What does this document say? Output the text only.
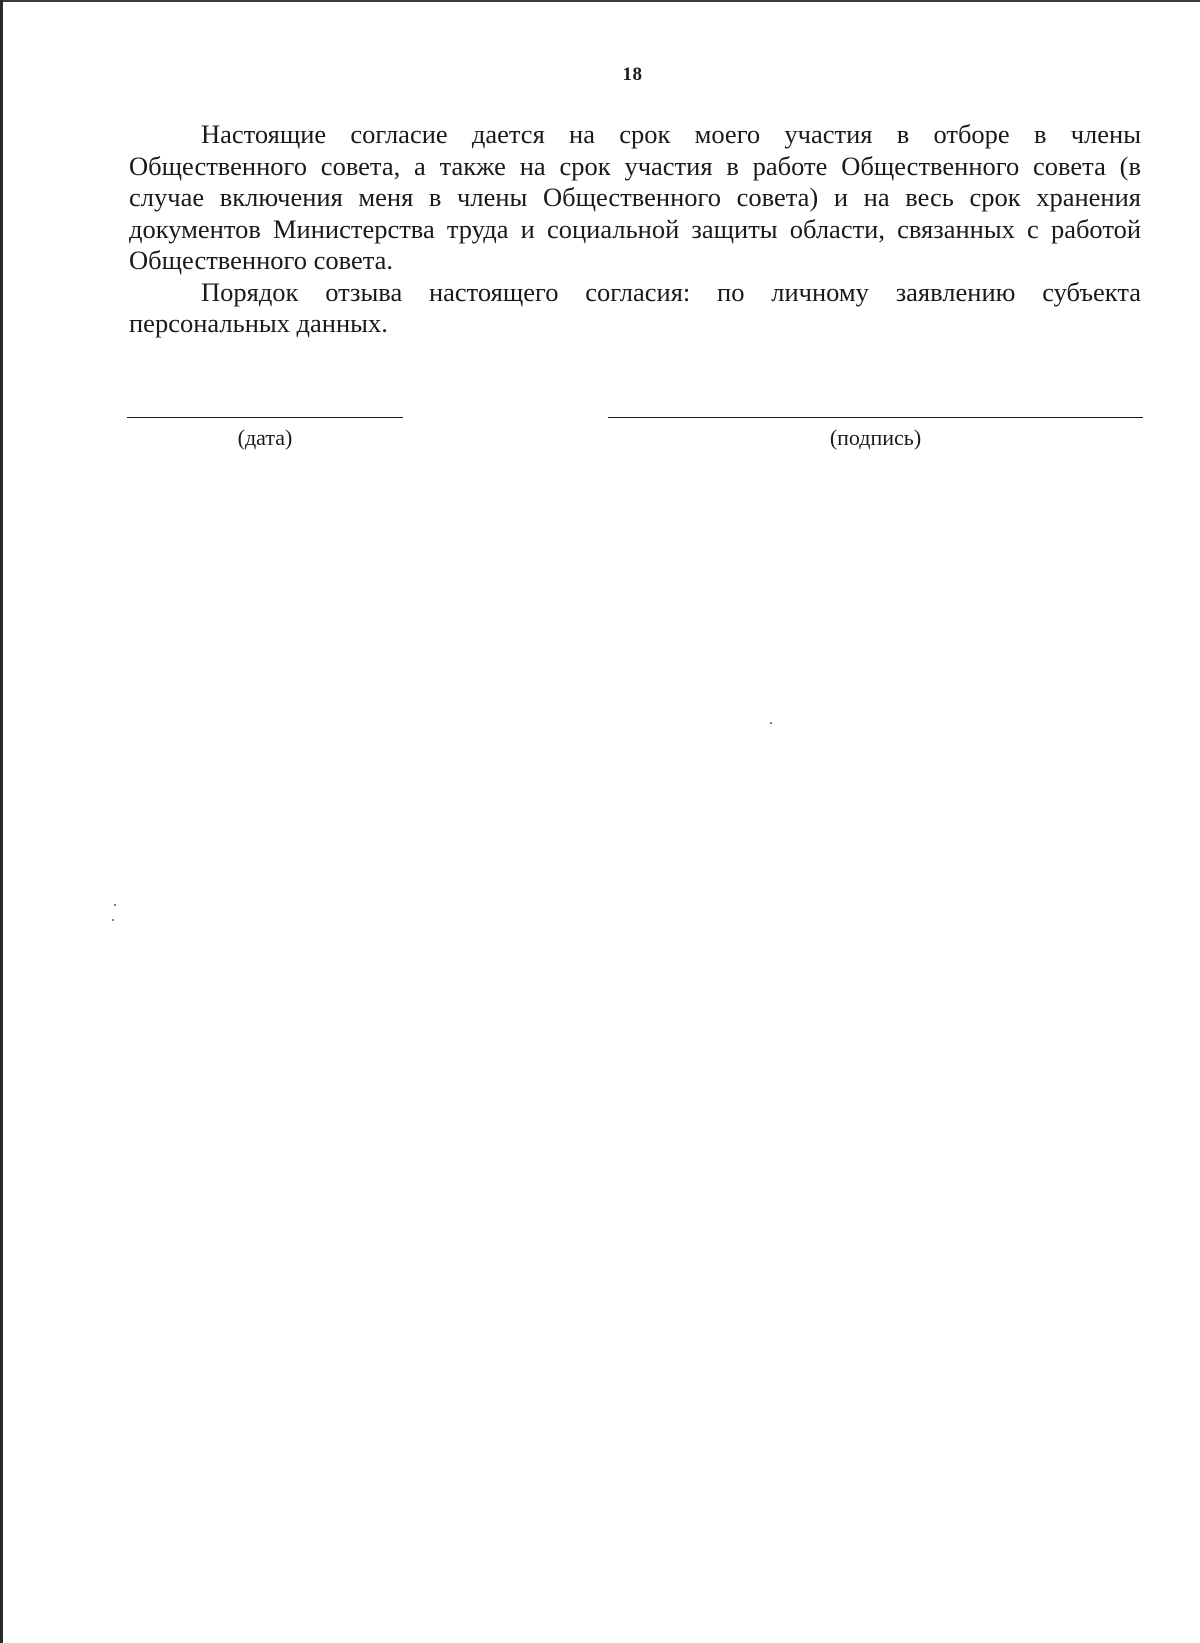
18

Настоящие согласие дается на срок моего участия в отборе в члены Общественного совета, а также на срок участия в работе Общественного совета (в случае включения меня в члены Общественного совета) и на весь срок хранения документов Министерства труда и социальной защиты области, связанных с работой Общественного совета.

Порядок отзыва настоящего согласия: по личному заявлению субъекта персональных данных.

(дата)	(подпись)
